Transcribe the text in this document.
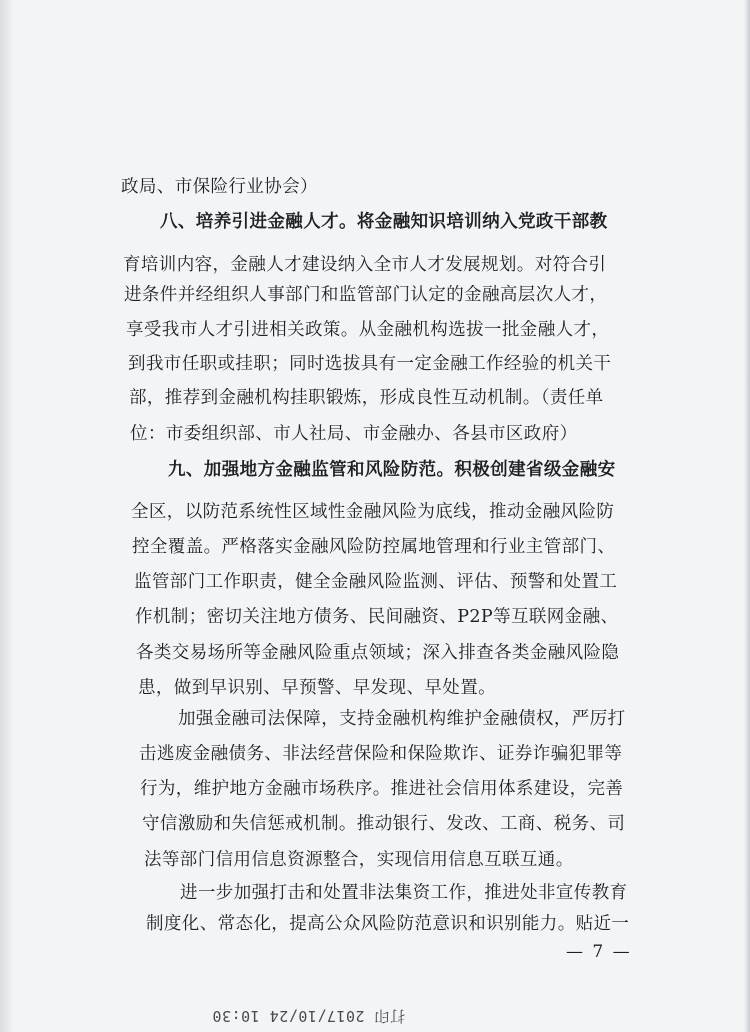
政局、市保险行业协会）
八、培养引进金融人才。将金融知识培训纳入党政干部教
育培训内容，金融人才建设纳入全市人才发展规划。对符合引
进条件并经组织人事部门和监管部门认定的金融高层次人才，
享受我市人才引进相关政策。从金融机构选拔一批金融人才，
到我市任职或挂职；同时选拔具有一定金融工作经验的机关干
部，推荐到金融机构挂职锻炼，形成良性互动机制。（责任单
位：市委组织部、市人社局、市金融办、各县市区政府）
九、加强地方金融监管和风险防范。积极创建省级金融安
全区，以防范系统性区域性金融风险为底线，推动金融风险防
控全覆盖。严格落实金融风险防控属地管理和行业主管部门、
监管部门工作职责，健全金融风险监测、评估、预警和处置工
作机制；密切关注地方债务、民间融资、P2P等互联网金融、
各类交易场所等金融风险重点领域；深入排查各类金融风险隐
患，做到早识别、早预警、早发现、早处置。
加强金融司法保障，支持金融机构维护金融债权，严厉打
击逃废金融债务、非法经营保险和保险欺诈、证券诈骗犯罪等
行为，维护地方金融市场秩序。推进社会信用体系建设，完善
守信激励和失信惩戒机制。推动银行、发改、工商、税务、司
法等部门信用信息资源整合，实现信用信息互联互通。
进一步加强打击和处置非法集资工作，推进处非宣传教育
制度化、常态化，提高公众风险防范意识和识别能力。贴近一
— 7 —
打印 2017/10/24 10:30
